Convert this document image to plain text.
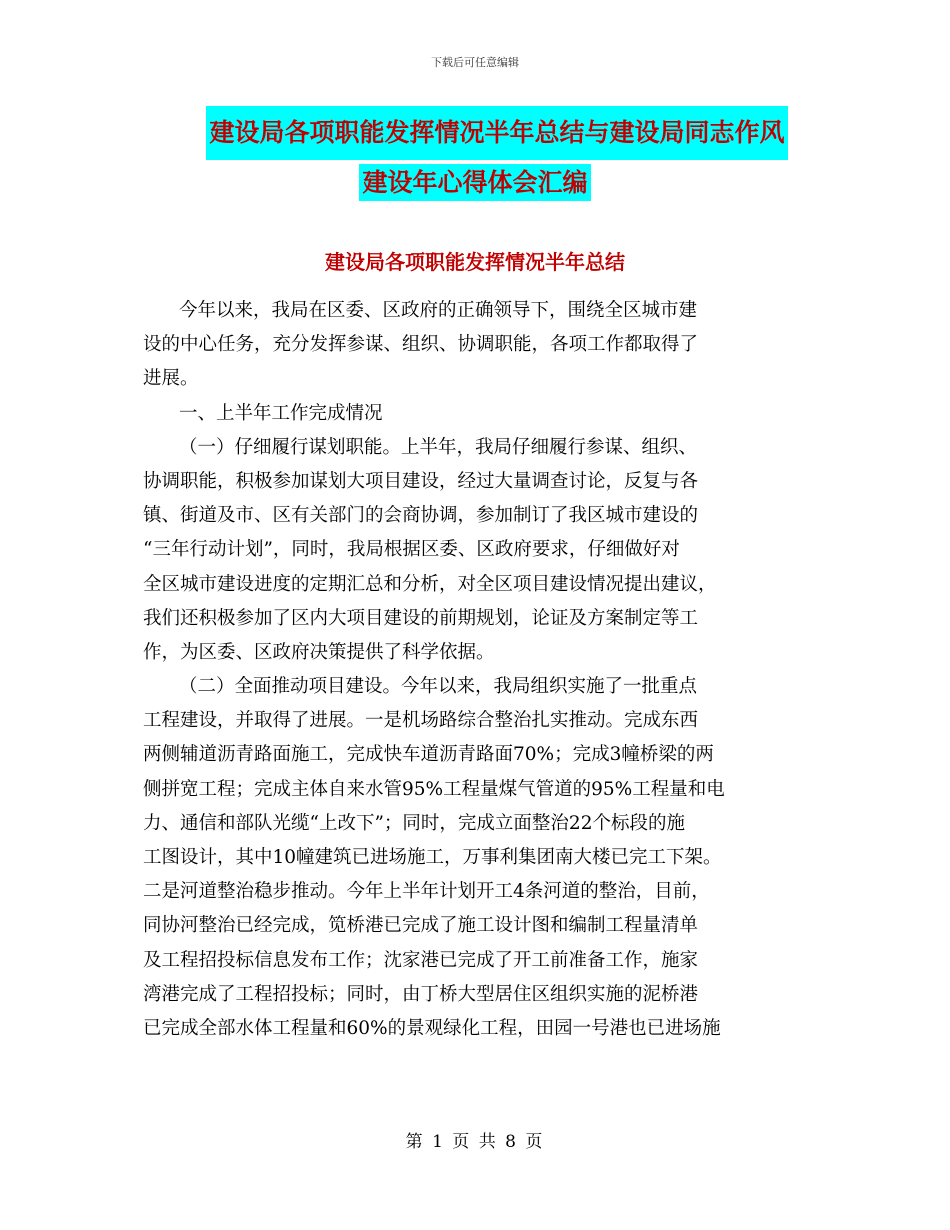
下载后可任意编辑
建设局各项职能发挥情况半年总结与建设局同志作风
建设年心得体会汇编
建设局各项职能发挥情况半年总结
今年以来，我局在区委、区政府的正确领导下，围绕全区城市建
设的中心任务，充分发挥参谋、组织、协调职能，各项工作都取得了
进展。
一、上半年工作完成情况
（一）仔细履行谋划职能。上半年，我局仔细履行参谋、组织、
协调职能，积极参加谋划大项目建设，经过大量调查讨论，反复与各
镇、街道及市、区有关部门的会商协调，参加制订了我区城市建设的
“三年行动计划”，同时，我局根据区委、区政府要求，仔细做好对
全区城市建设进度的定期汇总和分析，对全区项目建设情况提出建议，
我们还积极参加了区内大项目建设的前期规划，论证及方案制定等工
作，为区委、区政府决策提供了科学依据。
（二）全面推动项目建设。今年以来，我局组织实施了一批重点
工程建设，并取得了进展。一是机场路综合整治扎实推动。完成东西
两侧辅道沥青路面施工，完成快车道沥青路面70%；完成3幢桥梁的两
侧拼宽工程；完成主体自来水管95%工程量煤气管道的95%工程量和电
力、通信和部队光缆“上改下”；同时，完成立面整治22个标段的施
工图设计，其中10幢建筑已进场施工，万事利集团南大楼已完工下架。
二是河道整治稳步推动。今年上半年计划开工4条河道的整治，目前，
同协河整治已经完成，笕桥港已完成了施工设计图和编制工程量清单
及工程招投标信息发布工作；沈家港已完成了开工前准备工作，施家
湾港完成了工程招投标；同时，由丁桥大型居住区组织实施的泥桥港
已完成全部水体工程量和60%的景观绿化工程，田园一号港也已进场施
第 1 页 共 8 页
